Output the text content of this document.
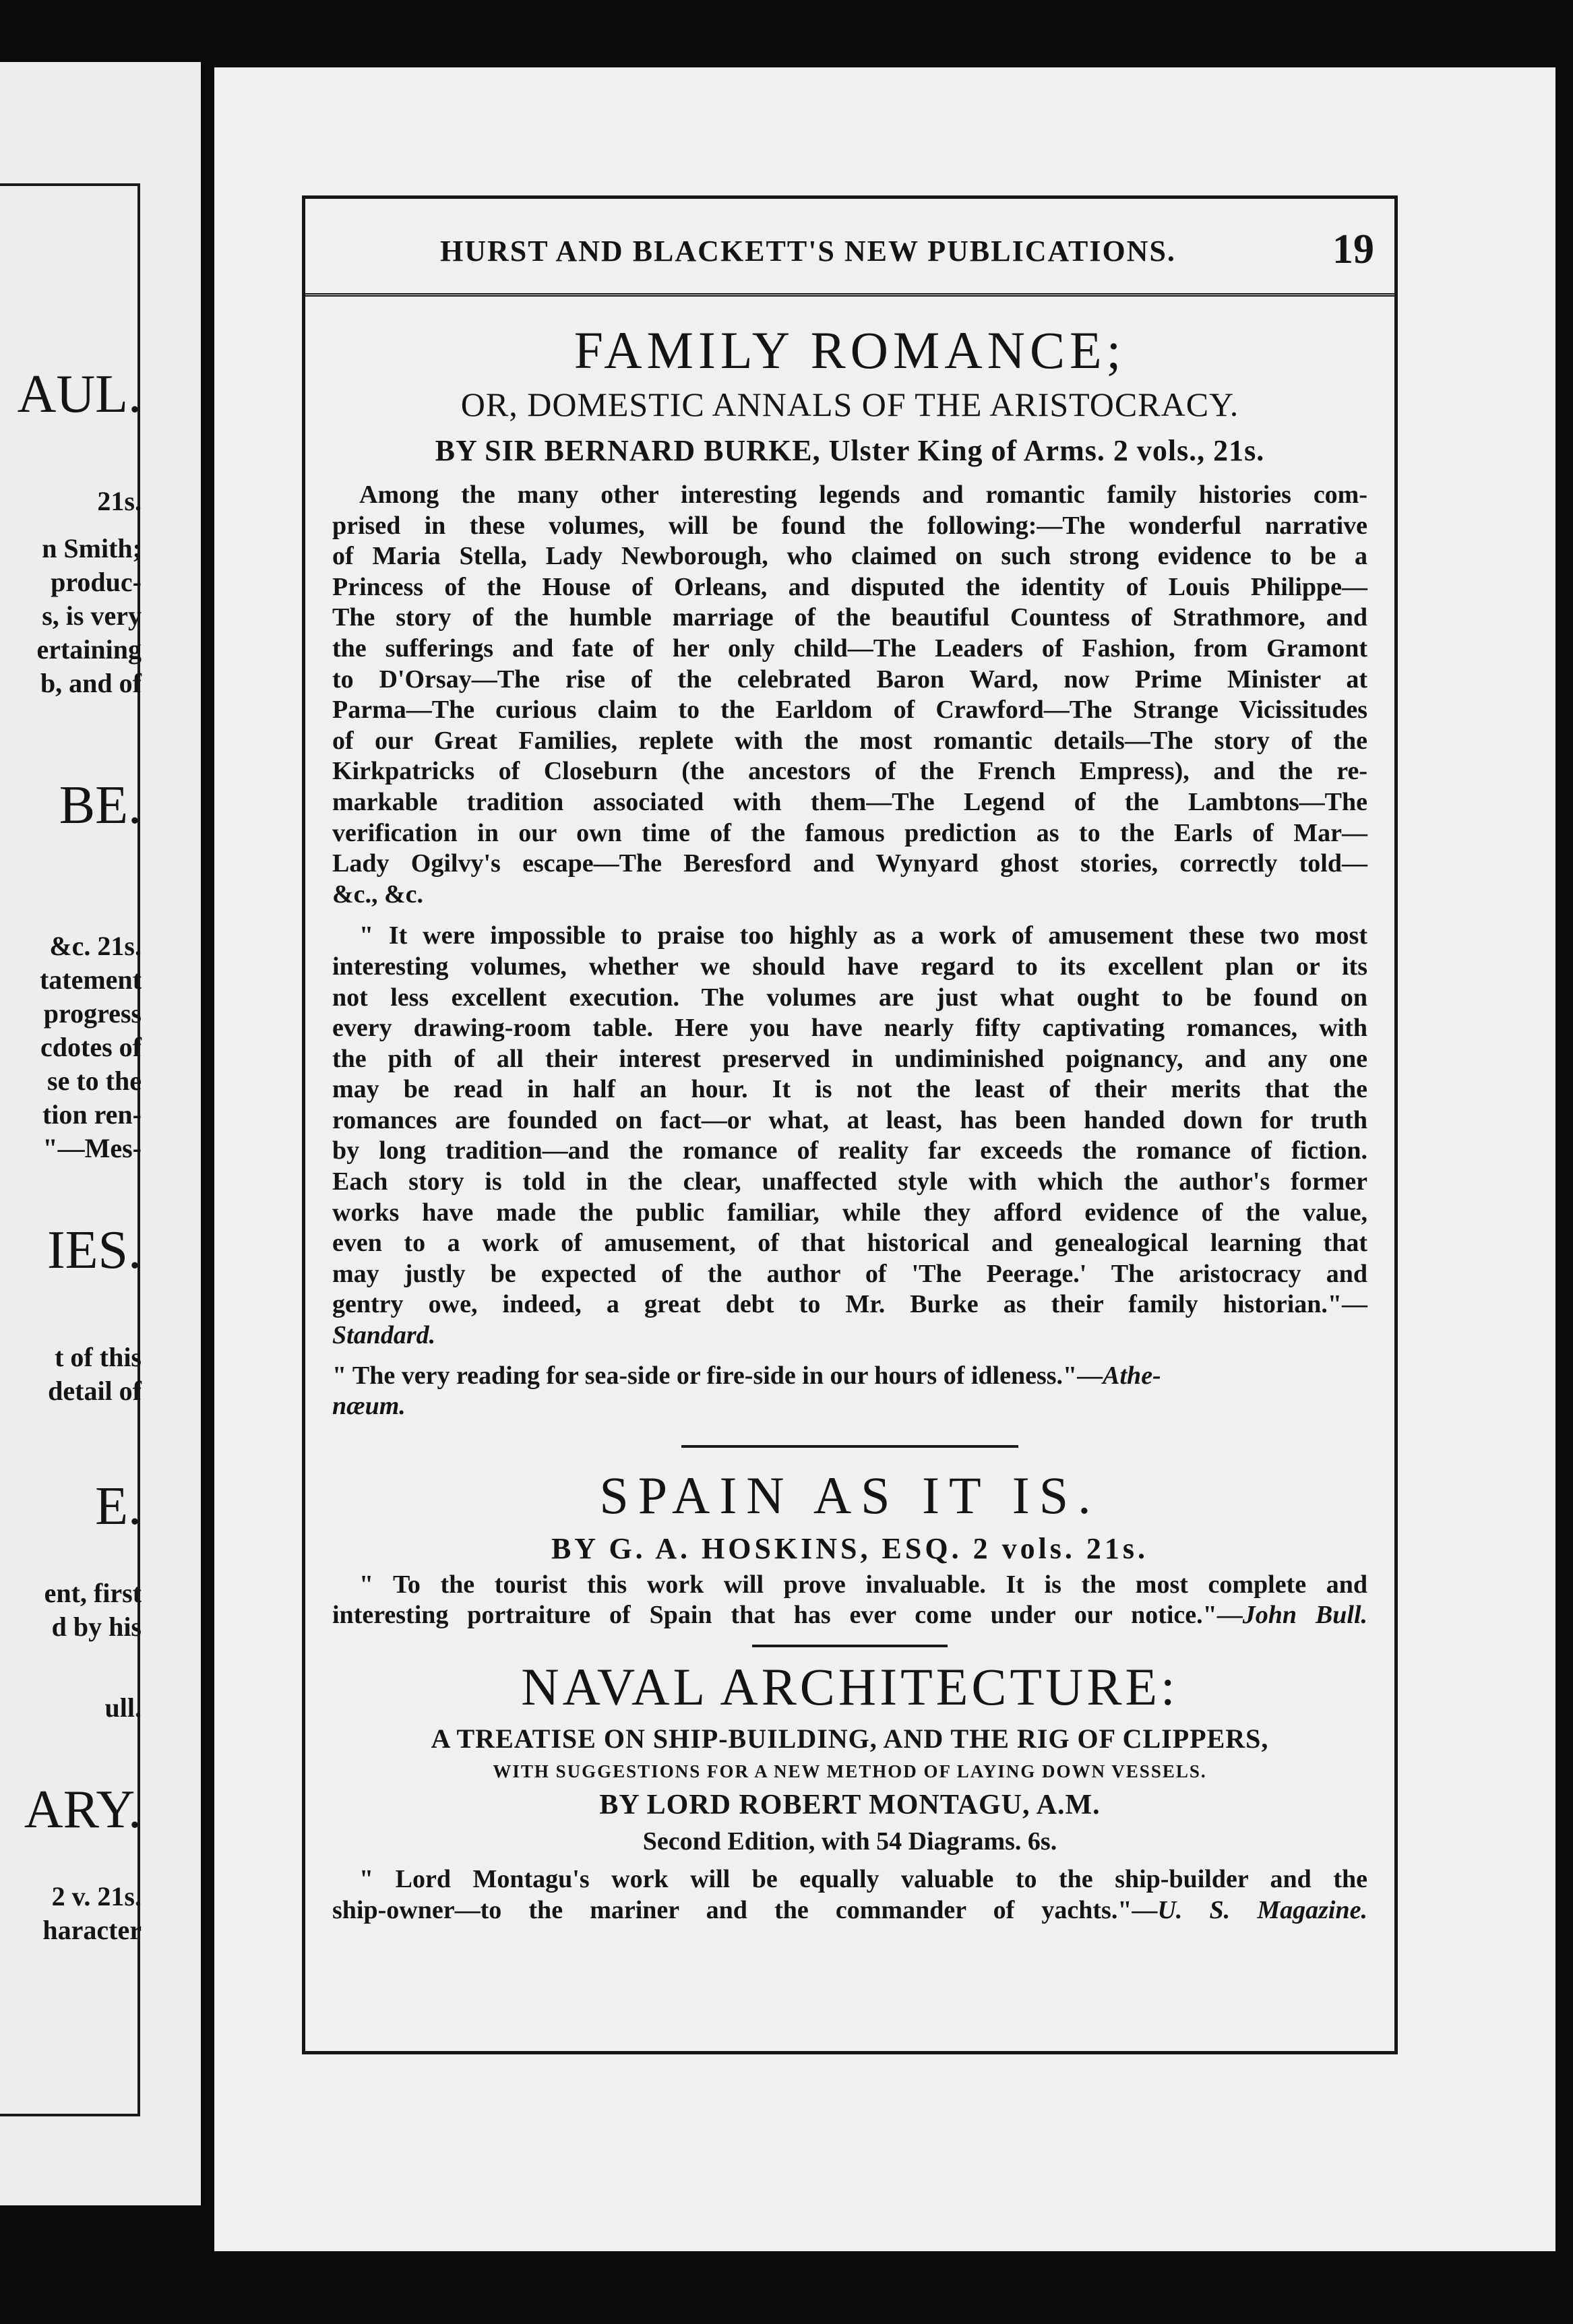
AUL.
21s.
n Smith;
produc-
s, is very
ertaining
b, and of
BE.
&c. 21s.
tatement
progress
cdotes of
se to the
tion ren-
"—Mes-
IES.
t of this
detail of
E.
ent, first
d by his
ull.
ARY.
2 v. 21s.
haracter
HURST AND BLACKETT'S NEW PUBLICATIONS.	19
FAMILY ROMANCE;
OR, DOMESTIC ANNALS OF THE ARISTOCRACY.
BY SIR BERNARD BURKE, Ulster King of Arms. 2 vols., 21s.
Among the many other interesting legends and romantic family histories com-
prised in these volumes, will be found the following:—The wonderful narrative
of Maria Stella, Lady Newborough, who claimed on such strong evidence to be a
Princess of the House of Orleans, and disputed the identity of Louis Philippe—
The story of the humble marriage of the beautiful Countess of Strathmore, and
the sufferings and fate of her only child—The Leaders of Fashion, from Gramont
to D'Orsay—The rise of the celebrated Baron Ward, now Prime Minister at
Parma—The curious claim to the Earldom of Crawford—The Strange Vicissitudes
of our Great Families, replete with the most romantic details—The story of the
Kirkpatricks of Closeburn (the ancestors of the French Empress), and the re-
markable tradition associated with them—The Legend of the Lambtons—The
verification in our own time of the famous prediction as to the Earls of Mar—
Lady Ogilvy's escape—The Beresford and Wynyard ghost stories, correctly told—
&c., &c.
" It were impossible to praise too highly as a work of amusement these two most
interesting volumes, whether we should have regard to its excellent plan or its
not less excellent execution. The volumes are just what ought to be found on
every drawing-room table. Here you have nearly fifty captivating romances, with
the pith of all their interest preserved in undiminished poignancy, and any one
may be read in half an hour. It is not the least of their merits that the
romances are founded on fact—or what, at least, has been handed down for truth
by long tradition—and the romance of reality far exceeds the romance of fiction.
Each story is told in the clear, unaffected style with which the author's former
works have made the public familiar, while they afford evidence of the value,
even to a work of amusement, of that historical and genealogical learning that
may justly be expected of the author of 'The Peerage.' The aristocracy and
gentry owe, indeed, a great debt to Mr. Burke as their family historian."—
Standard.
" The very reading for sea-side or fire-side in our hours of idleness."—Athe-
næum.
SPAIN AS IT IS.
BY G. A. HOSKINS, ESQ. 2 vols. 21s.
" To the tourist this work will prove invaluable. It is the most complete and
interesting portraiture of Spain that has ever come under our notice."—John Bull.
NAVAL ARCHITECTURE:
A TREATISE ON SHIP-BUILDING, AND THE RIG OF CLIPPERS,
WITH SUGGESTIONS FOR A NEW METHOD OF LAYING DOWN VESSELS.
BY LORD ROBERT MONTAGU, A.M.
Second Edition, with 54 Diagrams. 6s.
" Lord Montagu's work will be equally valuable to the ship-builder and the
ship-owner—to the mariner and the commander of yachts."—U. S. Magazine.
